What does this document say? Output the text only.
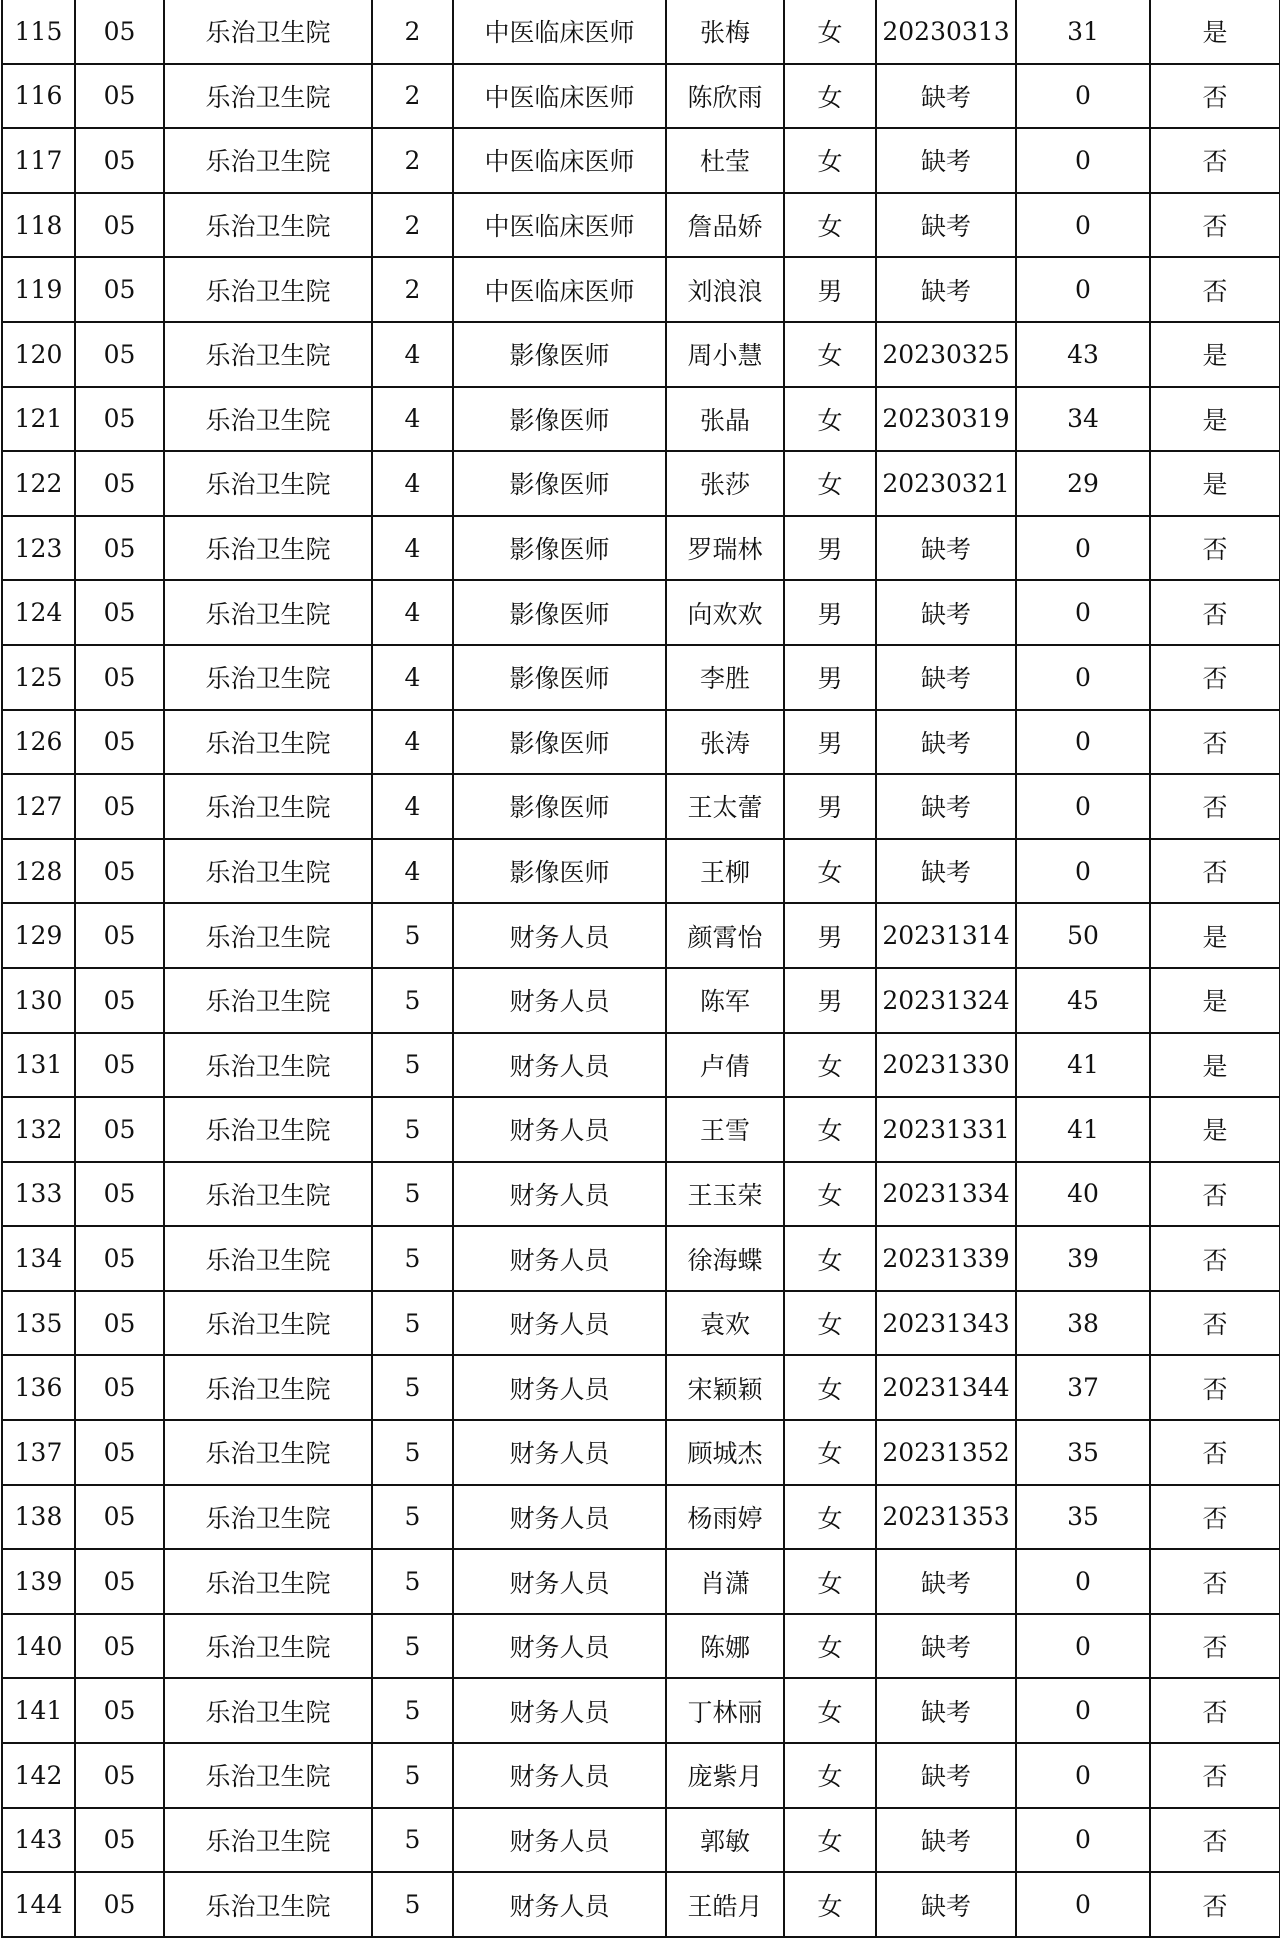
115	05	乐治卫生院	2	中医临床医师	张梅	女	20230313	31	是
116	05	乐治卫生院	2	中医临床医师	陈欣雨	女	缺考	0	否
117	05	乐治卫生院	2	中医临床医师	杜莹	女	缺考	0	否
118	05	乐治卫生院	2	中医临床医师	詹品娇	女	缺考	0	否
119	05	乐治卫生院	2	中医临床医师	刘浪浪	男	缺考	0	否
120	05	乐治卫生院	4	影像医师	周小慧	女	20230325	43	是
121	05	乐治卫生院	4	影像医师	张晶	女	20230319	34	是
122	05	乐治卫生院	4	影像医师	张莎	女	20230321	29	是
123	05	乐治卫生院	4	影像医师	罗瑞林	男	缺考	0	否
124	05	乐治卫生院	4	影像医师	向欢欢	男	缺考	0	否
125	05	乐治卫生院	4	影像医师	李胜	男	缺考	0	否
126	05	乐治卫生院	4	影像医师	张涛	男	缺考	0	否
127	05	乐治卫生院	4	影像医师	王太蕾	男	缺考	0	否
128	05	乐治卫生院	4	影像医师	王柳	女	缺考	0	否
129	05	乐治卫生院	5	财务人员	颜霄怡	男	20231314	50	是
130	05	乐治卫生院	5	财务人员	陈军	男	20231324	45	是
131	05	乐治卫生院	5	财务人员	卢倩	女	20231330	41	是
132	05	乐治卫生院	5	财务人员	王雪	女	20231331	41	是
133	05	乐治卫生院	5	财务人员	王玉荣	女	20231334	40	否
134	05	乐治卫生院	5	财务人员	徐海蝶	女	20231339	39	否
135	05	乐治卫生院	5	财务人员	袁欢	女	20231343	38	否
136	05	乐治卫生院	5	财务人员	宋颖颖	女	20231344	37	否
137	05	乐治卫生院	5	财务人员	顾城杰	女	20231352	35	否
138	05	乐治卫生院	5	财务人员	杨雨婷	女	20231353	35	否
139	05	乐治卫生院	5	财务人员	肖潇	女	缺考	0	否
140	05	乐治卫生院	5	财务人员	陈娜	女	缺考	0	否
141	05	乐治卫生院	5	财务人员	丁林丽	女	缺考	0	否
142	05	乐治卫生院	5	财务人员	庞紫月	女	缺考	0	否
143	05	乐治卫生院	5	财务人员	郭敏	女	缺考	0	否
144	05	乐治卫生院	5	财务人员	王皓月	女	缺考	0	否
